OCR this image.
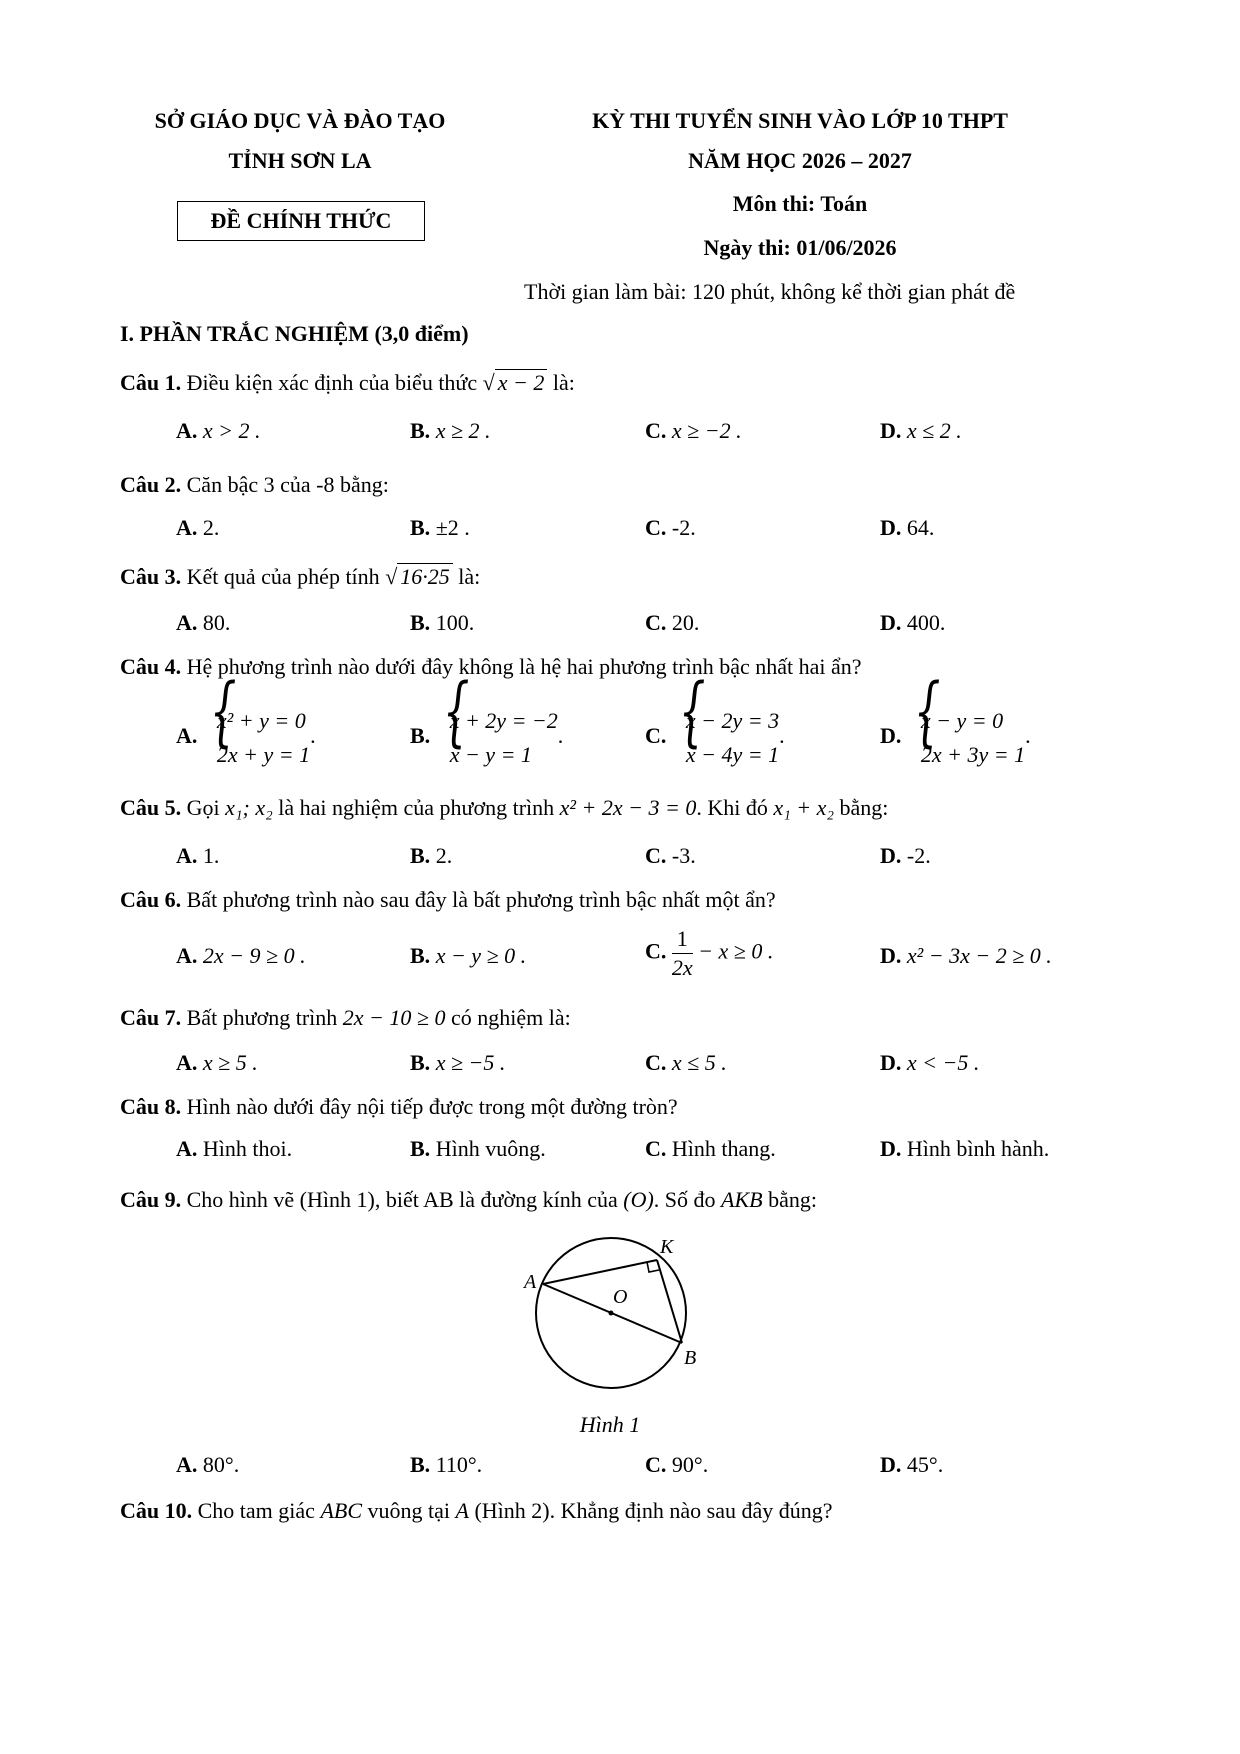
SỞ GIÁO DỤC VÀ ĐÀO TẠO
TỈNH SƠN LA
ĐỀ CHÍNH THỨC
KỲ THI TUYỂN SINH VÀO LỚP 10 THPT
NĂM HỌC 2026 – 2027
Môn thi: Toán
Ngày thi: 01/06/2026
Thời gian làm bài: 120 phút, không kể thời gian phát đề
I. PHẦN TRẮC NGHIỆM (3,0 điểm)
Câu 1. Điều kiện xác định của biểu thức √ x − 2 là:
A. x > 2 .	B. x ≥ 2 .	C. x ≥ −2 .	D. x ≤ 2 .
Câu 2. Căn bậc 3 của -8 bằng:
A. 2.	B. ±2 .	C. -2.	D. 64.
Câu 3. Kết quả của phép tính √ 16·25 là:
A. 80.	B. 100.	C. 20.	D. 400.
Câu 4. Hệ phương trình nào dưới đây không là hệ hai phương trình bậc nhất hai ẩn?
A.
{ x² + y = 0
2x + y = 1
.	B.
{ x + 2y = −2
x − y = 1
.	C.
{ x − 2y = 3
x − 4y = 1
.	D.
{ x − y = 0
2x + 3y = 1
.
Câu 5. Gọi x₁; x₂ là hai nghiệm của phương trình x² + 2x − 3 = 0. Khi đó x₁ + x₂ bằng:
A. 1.	B. 2.	C. -3.	D. -2.
Câu 6. Bất phương trình nào sau đây là bất phương trình bậc nhất một ẩn?
A. 2x − 9 ≥ 0 .	B. x − y ≥ 0 .	C. $\frac{1}{2x} - x \ge 0$ .	D. x² − 3x − 2 ≥ 0 .
Câu 7. Bất phương trình 2x − 10 ≥ 0 có nghiệm là:
A. x ≥ 5 .	B. x ≥ −5 .	C. x ≤ 5 .	D. x < −5 .
Câu 8. Hình nào dưới đây nội tiếp được trong một đường tròn?
A. Hình thoi.	B. Hình vuông.	C. Hình thang.	D. Hình bình hành.
Câu 9. Cho hình vẽ (Hình 1), biết AB là đường kính của (O). Số đo AKB bằng:
A
K
O
B
Hình 1
A. 80°.	B. 110°.	C. 90°.	D. 45°.
Câu 10. Cho tam giác ABC vuông tại A (Hình 2). Khẳng định nào sau đây đúng?
